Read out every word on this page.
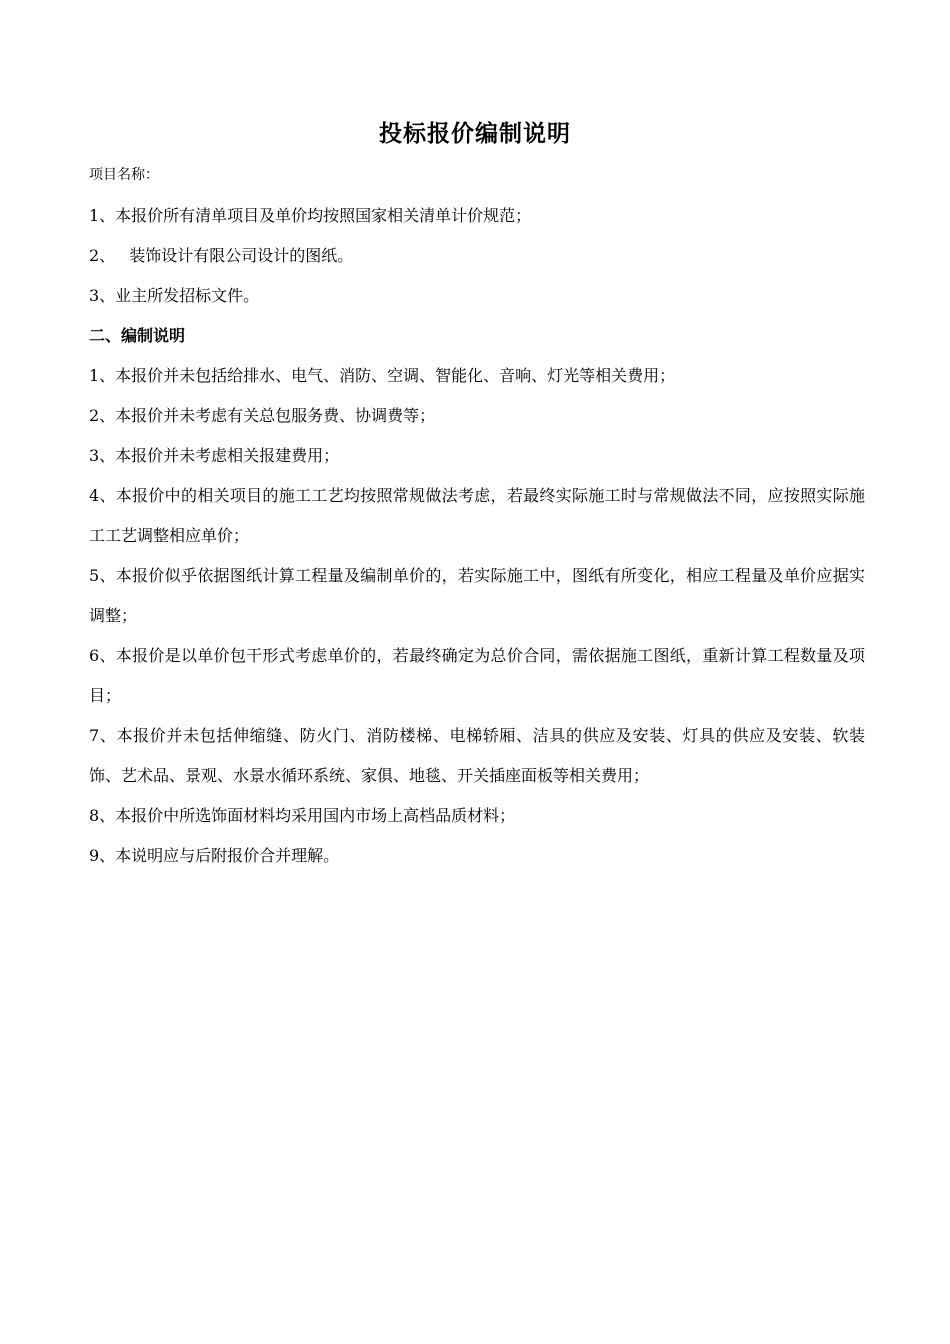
投标报价编制说明
项目名称：
1、本报价所有清单项目及单价均按照国家相关清单计价规范；
2、 装饰设计有限公司设计的图纸。
3、业主所发招标文件。
二、编制说明
1、本报价并未包括给排水、电气、消防、空调、智能化、音响、灯光等相关费用；
2、本报价并未考虑有关总包服务费、协调费等；
3、本报价并未考虑相关报建费用；
4、本报价中的相关项目的施工工艺均按照常规做法考虑，若最终实际施工时与常规做法不同，应按照实际施工工艺调整相应单价；
5、本报价似乎依据图纸计算工程量及编制单价的，若实际施工中，图纸有所变化，相应工程量及单价应据实调整；
6、本报价是以单价包干形式考虑单价的，若最终确定为总价合同，需依据施工图纸，重新计算工程数量及项目；
7、本报价并未包括伸缩缝、防火门、消防楼梯、电梯轿厢、洁具的供应及安装、灯具的供应及安装、软装饰、艺术品、景观、水景水循环系统、家俱、地毯、开关插座面板等相关费用；
8、本报价中所选饰面材料均采用国内市场上高档品质材料；
9、本说明应与后附报价合并理解。
